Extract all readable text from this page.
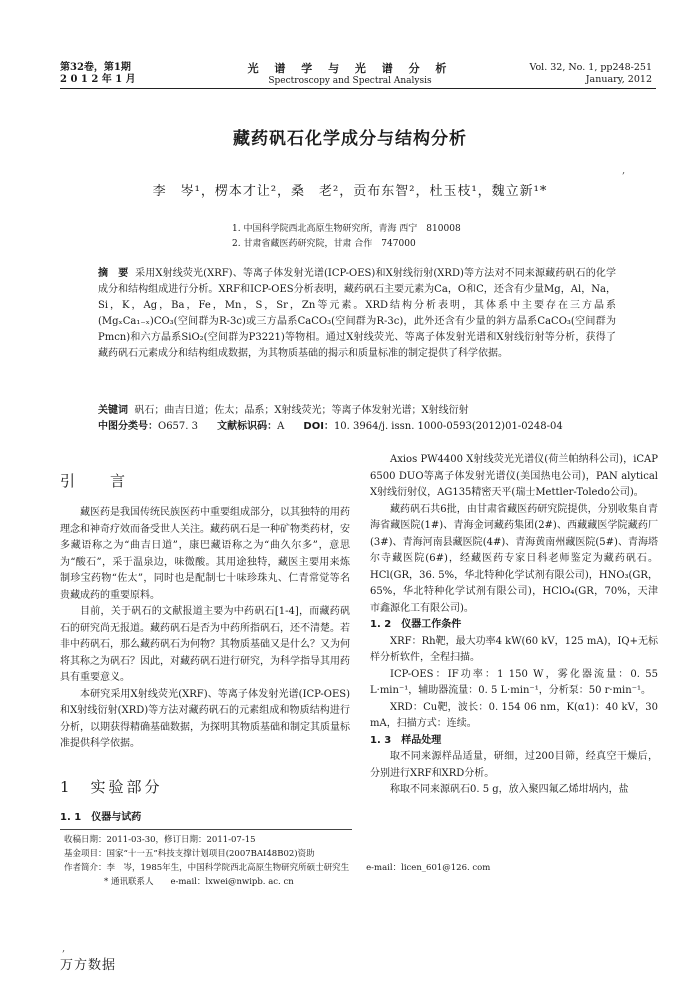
第32卷，第1期
2 0 1 2 年 1 月
光 谱 学 与 光 谱 分 析
Spectroscopy and Spectral Analysis
Vol. 32, No. 1, pp248-251
January, 2012
藏药矾石化学成分与结构分析
,
李　岑¹，楞本才让²，桑　老²，贡布东智²，杜玉枝¹，魏立新¹*
1. 中国科学院西北高原生物研究所，青海 西宁　810008
2. 甘肃省藏医药研究院，甘肃 合作　747000
摘　要 采用X射线荧光(XRF)、等离子体发射光谱(ICP-OES)和X射线衍射(XRD)等方法对不同来源藏药矾石的化学成分和结构组成进行分析。XRF和ICP-OES分析表明，藏药矾石主要元素为Ca，O和C，还含有少量Mg，Al，Na，Si，K，Ag，Ba，Fe，Mn，S，Sr，Zn等元素。XRD结构分析表明，其体系中主要存在三方晶系(MgₓCa₁₋ₓ)CO₃(空间群为R-3c)或三方晶系CaCO₃(空间群为R-3c)，此外还含有少量的斜方晶系CaCO₃(空间群为Pmcn)和六方晶系SiO₂(空间群为P3221)等物相。通过X射线荧光、等离子体发射光谱和X射线衍射等分析，获得了藏药矾石元素成分和结构组成数据，为其物质基础的揭示和质量标准的制定提供了科学依据。
关键词 矾石；曲吉日道；佐太；晶系；X射线荧光；等离子体发射光谱；X射线衍射
中图分类号：O657. 3 文献标识码：A DOI：10. 3964/j. issn. 1000-0593(2012)01-0248-04
引　言

藏医药是我国传统民族医药中重要组成部分，以其独特的用药理念和神奇疗效而备受世人关注。藏药矾石是一种矿物类药材，安多藏语称之为“曲吉日道”，康巴藏语称之为“曲久尔多”，意思为“酸石”，采于温泉边，味微酸。其用途独特，藏医主要用来炼制珍宝药物“佐太”，同时也是配制七十味珍珠丸、仁青常觉等名贵藏成药的重要原料。

目前，关于矾石的文献报道主要为中药矾石[1-4]，而藏药矾石的研究尚无报道。藏药矾石是否为中药所指矾石，还不清楚。若非中药矾石，那么藏药矾石为何物？其物质基础又是什么？又为何将其称之为矾石？因此，对藏药矾石进行研究，为科学指导其用药具有重要意义。

本研究采用X射线荧光(XRF)、等离子体发射光谱(ICP-OES)和X射线衍射(XRD)等方法对藏药矾石的元素组成和物质结构进行分析，以期获得精确基础数据，为探明其物质基础和制定其质量标准提供科学依据。

1　实验部分
1. 1　仪器与试药

Axios PW4400 X射线荧光光谱仪(荷兰帕纳科公司)，iCAP 6500 DUO等离子体发射光谱仪(美国热电公司)，PAN alytical X射线衍射仪，AG135精密天平(瑞士Mettler-Toledo公司)。

藏药矾石共6批，由甘肃省藏医药研究院提供，分别收集自青海省藏医院(1#)、青海金诃藏药集团(2#)、西藏藏医学院藏药厂(3#)、青海河南县藏医院(4#)、青海黄南州藏医院(5#)、青海塔尔寺藏医院(6#)，经藏医药专家日科老师鉴定为藏药矾石。HCl(GR，36. 5%，华北特种化学试剂有限公司)，HNO₃(GR，65%，华北特种化学试剂有限公司)，HClO₄(GR，70%，天津市鑫源化工有限公司)。

1. 2　仪器工作条件

XRF：Rh靶，最大功率4 kW(60 kV，125 mA)，IQ+无标样分析软件，全程扫描。

ICP-OES：IF功率：1 150 W，雾化器流量：0. 55 L·min⁻¹，辅助器流量：0. 5 L·min⁻¹，分析泵：50 r·min⁻¹。

XRD：Cu靶，波长：0. 154 06 nm，K(α1)：40 kV，30 mA，扫描方式：连续。

1. 3　样品处理

取不同来源样品适量，研细，过200目筛，经真空干燥后，分别进行XRF和XRD分析。

称取不同来源矾石0. 5 g，放入聚四氟乙烯坩埚内，盐

收稿日期：2011-03-30，修订日期：2011-07-15
基金项目：国家“十一五”科技支撑计划项目(2007BAI48B02)资助
作者简介：李　岑，1985年生，中国科学院西北高原生物研究所硕士研究生　　e-mail：licen_601@126. com
* 通讯联系人　　e-mail：lxwei@nwipb. ac. cn
,
万方数据
